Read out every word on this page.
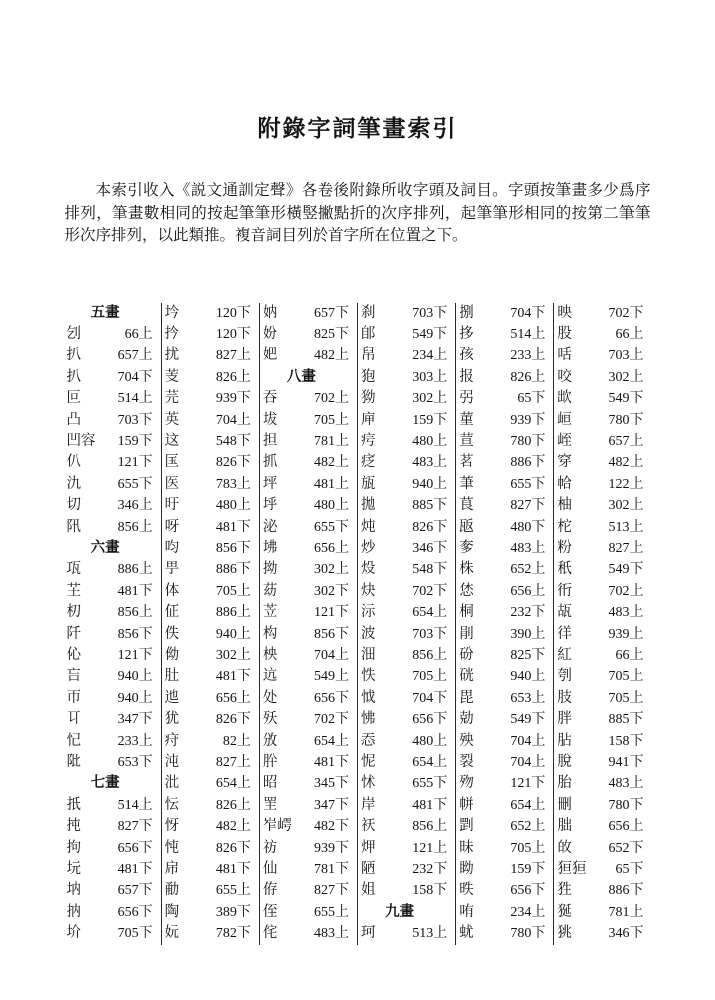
附錄字詞筆畫索引

本索引收入《説文通訓定聲》各卷後附錄所收字頭及詞目。字頭按筆畫多少爲序排列，筆畫數相同的按起筆筆形橫竪撇點折的次序排列，起筆筆形相同的按第二筆筆形次序排列，以此類推。複音詞目列於首字所在位置之下。

五畫
刉	66上
扒	657上
扒	704下
叵	514上
凸	703下
凹容 159下
仈	121下
氿	655下
切	346上
阠	856上
六畫
瓨	886上
芏	481下
朷	856上
阡	856下
伈	121下
吂	940上
帀	940上
㔿	347下
忋	233上
阰	653下
七畫
扺	514上
扽	827下
拘	656下
坃	481下
㘨	657下
抐	656下
圿	705下
坅	120下
扲	120下
扰	827上
芰	826上
芫	939下
英	704上
这	548下
匤	826下
医	783上
旴	480上
呀	481下
呁	856下
甼	886下
体	705上
佂	886上
佚	940上
㑃	302上
肚	481下
迆	656上
犹	826下
疛	82上
沌	827上
沘	654上
忶	826上
㤉	482上
忳	826下
帍	481下
勈	655上
陶	389下
妧	782下
妠	657下
妢	825下
妑	482上
八畫
吞	702上
坺	705上
担	781上
抓	482上
坪	481上
垀	480上
泌	655下
坲	656上
拗	302上
苭	302下
苙	121下
构	856下
柍	704上
迒	549上
处	656下
殀	702下
攽	654上
肸	481下
昭	345下
罜	347下
岝崿 482下
祊	939下
仙	781下
侟	827下
侄	655上
侘	483上
刹	703下
郋	549下
帠	234上
狍	303上
狕	302上
庘	159下
疞	480上
疺	483上
瓬	940上
拋	885下
炖	826下
炒	346下
炈	548下
炔	702下
沶	654上
波	703下
沺	856上
怢	705上
怴	704下
怫	656下
㤁	480上
怩	654上
怵	655下
岸	481下
祆	856上
炠	121上
陋	232下
姐	158下
九畫
珂	513上
捌	704下
拸	514上
孩	233上
报	826上
弜	65下
菫	939下
荁	780下
茗	886下
茟	655下
茛	827下
瓪	480下
奓	483上
株	652上
恷	656上
桐	232下
剈	390上
砏	825下
硄	940上
毘	653上
勀	549下
殃	704上
裂	704上
歾	121下
帡	654上
㓻	652上
昧	705上
眑	159下
昳	656下
哊	234上
蚘	780下
映	702下
股	66上
咶	703上
咬	302上
欪	549下
峘	780下
峌	657上
穿	482上
帢	122上
柚	302上
柁	513上
粉	827上
秖	549下
衎	702上
瓳	483上
徉	939上
紅	66上
刳	705上
肢	705上
胖	885下
胋	158下
脫	941下
胎	483上
刪	780下
朏	656上
敀	652下
狟狟 65下
狌	886下
狿	781上
狣	346下
